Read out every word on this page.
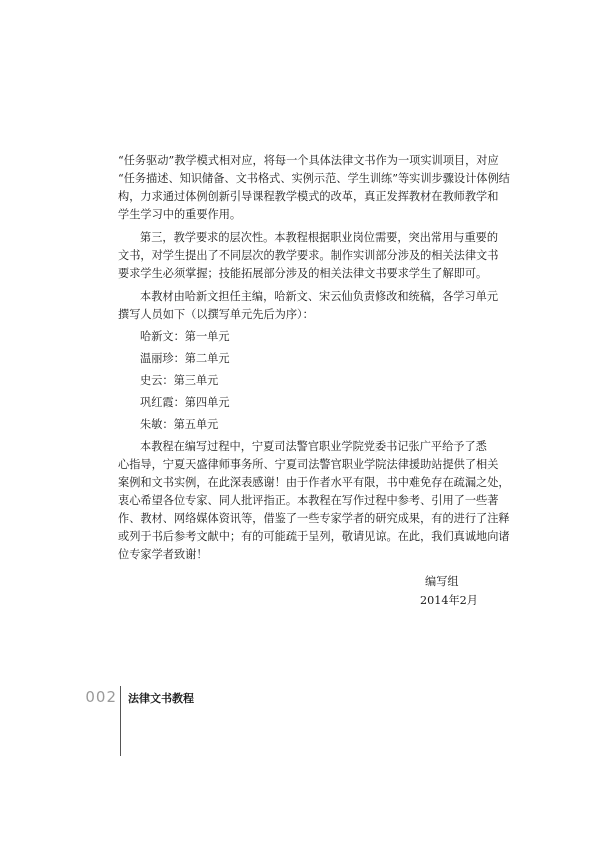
“任务驱动”教学模式相对应，将每一个具体法律文书作为一项实训项目，对应
“任务描述、知识储备、文书格式、实例示范、学生训练”等实训步骤设计体例结
构，力求通过体例创新引导课程教学模式的改革，真正发挥教材在教师教学和
学生学习中的重要作用。
第三，教学要求的层次性。本教程根据职业岗位需要，突出常用与重要的
文书，对学生提出了不同层次的教学要求。制作实训部分涉及的相关法律文书
要求学生必须掌握；技能拓展部分涉及的相关法律文书要求学生了解即可。
本教材由哈新文担任主编，哈新文、宋云仙负责修改和统稿，各学习单元
撰写人员如下（以撰写单元先后为序）：
哈新文：第一单元
温丽珍：第二单元
史云：第三单元
巩红霞：第四单元
朱敏：第五单元
本教程在编写过程中，宁夏司法警官职业学院党委书记张广平给予了悉
心指导，宁夏天盛律师事务所、宁夏司法警官职业学院法律援助站提供了相关
案例和文书实例，在此深表感谢！由于作者水平有限，书中难免存在疏漏之处，
衷心希望各位专家、同人批评指正。本教程在写作过程中参考、引用了一些著
作、教材、网络媒体资讯等，借鉴了一些专家学者的研究成果，有的进行了注释
或列于书后参考文献中；有的可能疏于呈列，敬请见谅。在此，我们真诚地向诸
位专家学者致谢！
编写组
2014年2月
002 法律文书教程
